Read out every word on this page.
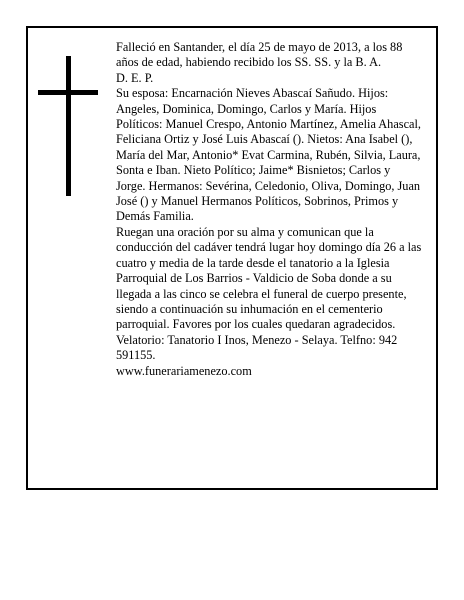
Falleció en Santander, el día 25 de mayo de 2013, a los 88 años de edad, habiendo recibido los SS. SS. y la B. A.

D. E. P.

Su esposa: Encarnación Nieves Abascaí Sañudo. Hijos: Angeles, Dominica, Domingo, Carlos y María. Hijos Políticos: Manuel Crespo, Antonio Martínez, Amelia Ahascal, Feliciana Ortiz y José Luis Abascaí (). Nietos: Ana Isabel (), María del Mar, Antonio* Evat Carmina, Rubén, Silvia, Laura, Sonta e Iban. Nieto Político; Jaime* Bisnietos; Carlos y Jorge. Hermanos: Sevérina, Celedonio, Oliva, Domingo, Juan José () y Manuel Hermanos Políticos, Sobrinos, Primos y Demás Familia.

Ruegan una oración por su alma y comunican que la conducción del cadáver tendrá lugar hoy domingo día 26 a las cuatro y media de la tarde desde el tanatorio a la Iglesia Parroquial de Los Barrios - Valdicio de Soba donde a su llegada a las cinco se celebra el funeral de cuerpo presente, siendo a continuación su inhumación en el cementerio parroquial. Favores por los cuales quedaran agradecidos. Velatorio: Tanatorio I Inos, Menezo - Selaya. Telfno: 942 591155.

www.funerariamenezo.com
